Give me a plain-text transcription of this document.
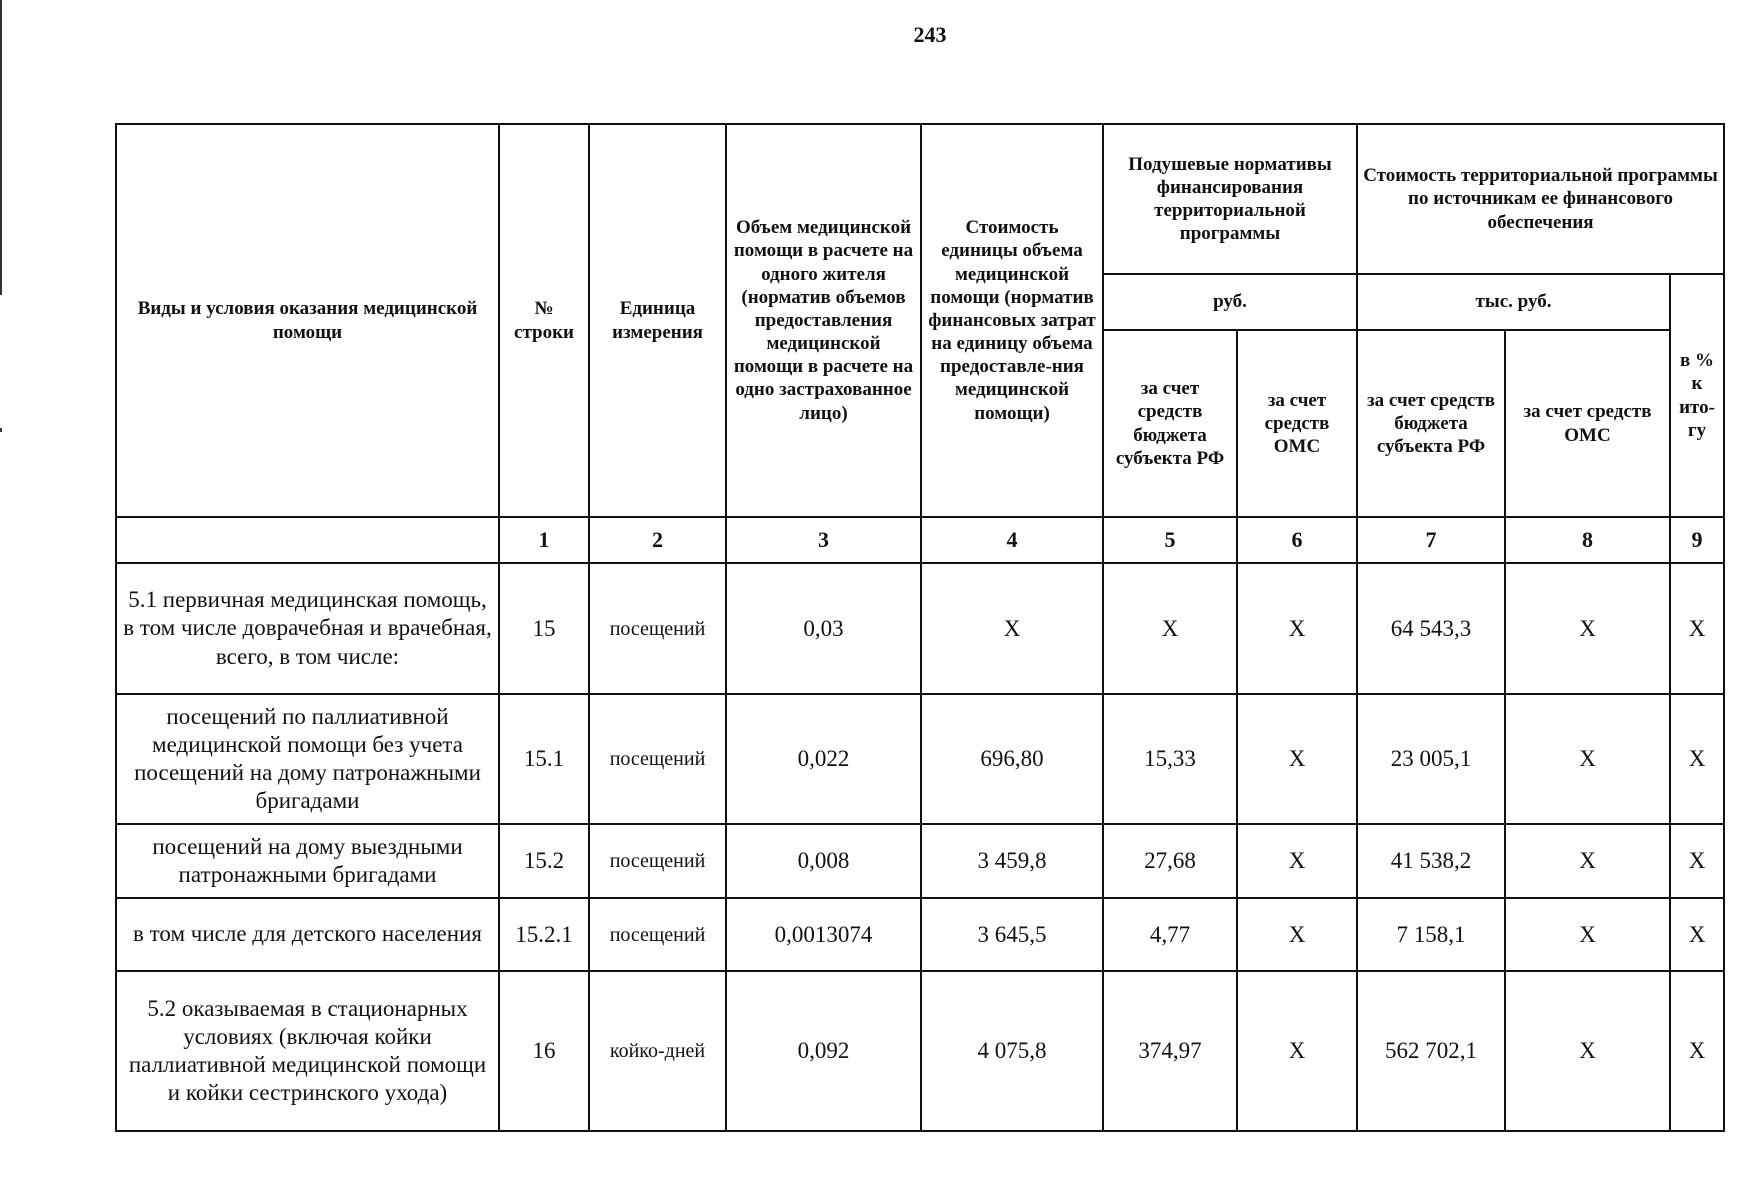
243
Виды и условия оказания медицинской помощи	№ строки	Единица измерения	Объем медицинской помощи в расчете на одного жителя (норматив объемов предоставления медицинской помощи в расчете на одно застрахованное лицо)	Стоимость единицы объема медицинской помощи (норматив финансовых затрат на единицу объема предоставле-ния медицинской помощи)	Подушевые нормативы финансирования территориальной программы		Стоимость территориальной программы по источникам ее финансового обеспечения		
					руб.		тыс. руб.		в % к ито-гу
					за счет средств бюджета субъекта РФ	за счет средств ОМС	за счет средств бюджета субъекта РФ	за счет средств ОМС	
	1	2	3	4	5	6	7	8	9
5.1 первичная медицинская помощь, в том числе доврачебная и врачебная, всего, в том числе:	15	посещений	0,03	Х	Х	Х	64 543,3	Х	Х
посещений по паллиативной медицинской помощи без учета посещений на дому патронажными бригадами	15.1	посещений	0,022	696,80	15,33	Х	23 005,1	Х	Х
посещений на дому выездными патронажными бригадами	15.2	посещений	0,008	3 459,8	27,68	Х	41 538,2	Х	Х
в том числе для детского населения	15.2.1	посещений	0,0013074	3 645,5	4,77	Х	7 158,1	Х	Х
5.2 оказываемая в стационарных условиях (включая койки паллиативной медицинской помощи и койки сестринского ухода)	16	койко-дней	0,092	4 075,8	374,97	Х	562 702,1	Х	Х
